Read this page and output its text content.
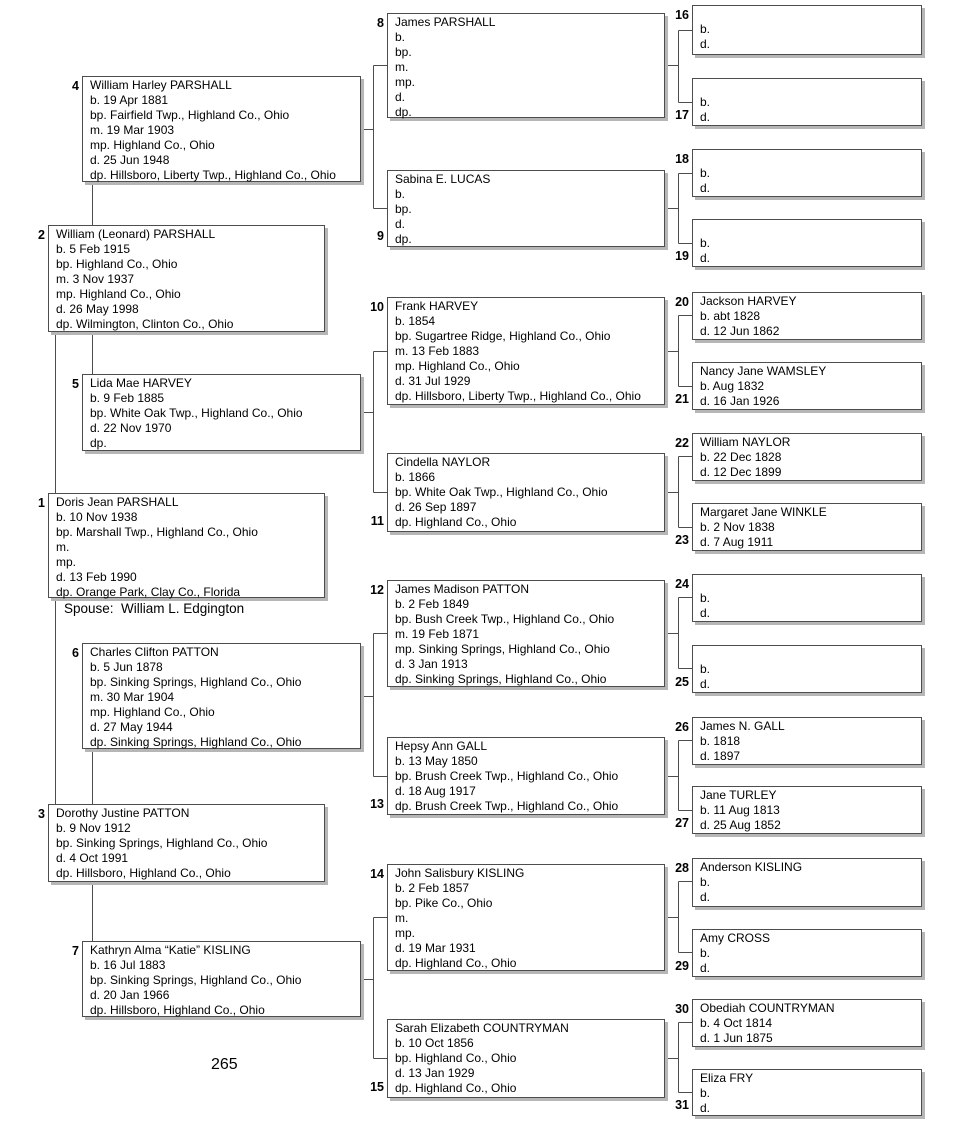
4 William Harley PARSHALL
b. 19 Apr 1881
bp. Fairfield Twp., Highland Co., Ohio
m. 19 Mar 1903
mp. Highland Co., Ohio
d. 25 Jun 1948
dp. Hillsboro, Liberty Twp., Highland Co., Ohio
2 William (Leonard) PARSHALL
b. 5 Feb 1915
bp. Highland Co., Ohio
m. 3 Nov 1937
mp. Highland Co., Ohio
d. 26 May 1998
dp. Wilmington, Clinton Co., Ohio
5 Lida Mae HARVEY
b. 9 Feb 1885
bp. White Oak Twp., Highland Co., Ohio
d. 22 Nov 1970
dp.
1 Doris Jean PARSHALL
b. 10 Nov 1938
bp. Marshall Twp., Highland Co., Ohio
m.
mp.
d. 13 Feb 1990
dp. Orange Park, Clay Co., Florida
Spouse:  William L. Edgington
6 Charles Clifton PATTON
b. 5 Jun 1878
bp. Sinking Springs, Highland Co., Ohio
m. 30 Mar 1904
mp. Highland Co., Ohio
d. 27 May 1944
dp. Sinking Springs, Highland Co., Ohio
3 Dorothy Justine PATTON
b. 9 Nov 1912
bp. Sinking Springs, Highland Co., Ohio
d. 4 Oct 1991
dp. Hillsboro, Highland Co., Ohio
7 Kathryn Alma “Katie” KISLING
b. 16 Jul 1883
bp. Sinking Springs, Highland Co., Ohio
d. 20 Jan 1966
dp. Hillsboro, Highland Co., Ohio
265
8 James PARSHALL
b.
bp.
m.
mp.
d.
dp.
9
Sabina E. LUCAS
b.
bp.
d.
dp.
10 Frank HARVEY
b. 1854
bp. Sugartree Ridge, Highland Co., Ohio
m. 13 Feb 1883
mp. Highland Co., Ohio
d. 31 Jul 1929
dp. Hillsboro, Liberty Twp., Highland Co., Ohio
11
Cindella NAYLOR
b. 1866
bp. White Oak Twp., Highland Co., Ohio
d. 26 Sep 1897
dp. Highland Co., Ohio
12 James Madison PATTON
b. 2 Feb 1849
bp. Bush Creek Twp., Highland Co., Ohio
m. 19 Feb 1871
mp. Sinking Springs, Highland Co., Ohio
d. 3 Jan 1913
dp. Sinking Springs, Highland Co., Ohio
13
Hepsy Ann GALL
b. 13 May 1850
bp. Brush Creek Twp., Highland Co., Ohio
d. 18 Aug 1917
dp. Brush Creek Twp., Highland Co., Ohio
14 John Salisbury KISLING
b. 2 Feb 1857
bp. Pike Co., Ohio
m.
mp.
d. 19 Mar 1931
dp. Highland Co., Ohio
15
Sarah Elizabeth COUNTRYMAN
b. 10 Oct 1856
bp. Highland Co., Ohio
d. 13 Jan 1929
dp. Highland Co., Ohio
16
b.
d.
17
b.
d.
18
b.
d.
19
b.
d.
20 Jackson HARVEY
b. abt 1828
d. 12 Jun 1862
21
Nancy Jane WAMSLEY
b. Aug 1832
d. 16 Jan 1926
22 William NAYLOR
b. 22 Dec 1828
d. 12 Dec 1899
23
Margaret Jane WINKLE
b. 2 Nov 1838
d. 7 Aug 1911
24
b.
d.
25
b.
d.
26 James N. GALL
b. 1818
d. 1897
27
Jane TURLEY
b. 11 Aug 1813
d. 25 Aug 1852
28 Anderson KISLING
b.
d.
29
Amy CROSS
b.
d.
30 Obediah COUNTRYMAN
b. 4 Oct 1814
d. 1 Jun 1875
31
Eliza FRY
b.
d.
